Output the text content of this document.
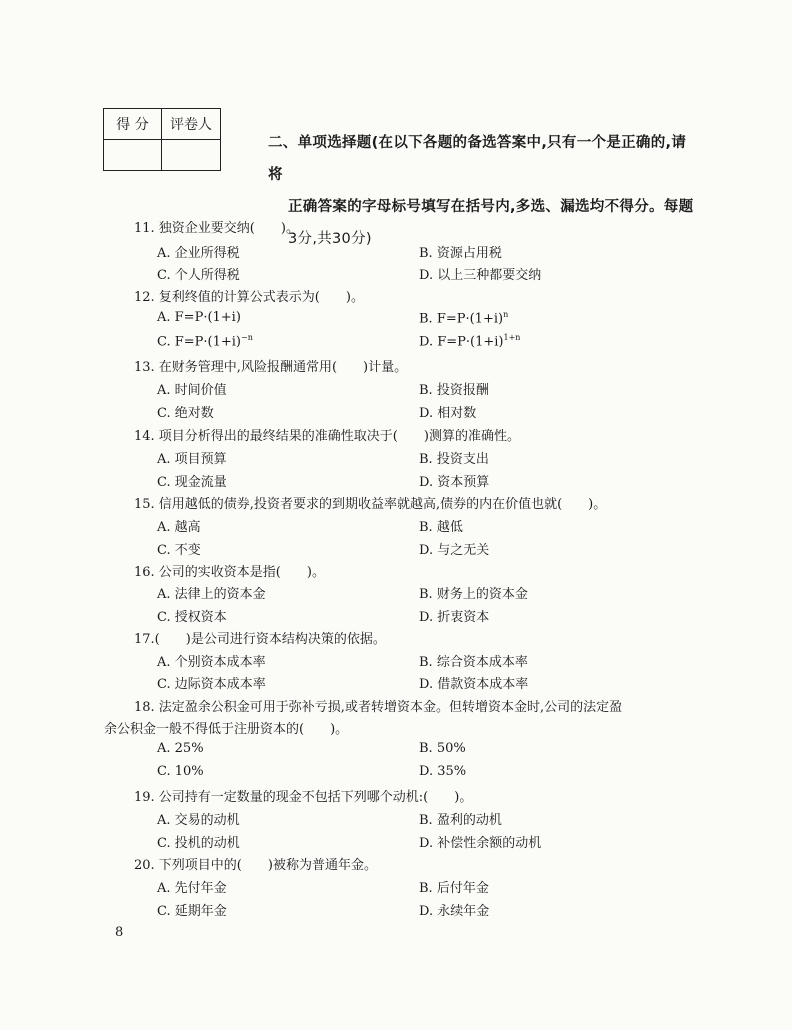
得 分	评卷人

二、单项选择题(在以下各题的备选答案中,只有一个是正确的,请将
正确答案的字母标号填写在括号内,多选、漏选均不得分。每题
3分,共30分)
11. 独资企业要交纳(　　)。
A. 企业所得税	B. 资源占用税
C. 个人所得税	D. 以上三种都要交纳
12. 复利终值的计算公式表示为(　　)。
A. F=P·(1+i)	B. $F=P\cdot(1+i)^n$
C. $F=P\cdot(1+i)^{-n}$	D. $F=P\cdot(1+i)^{1+n}$
13. 在财务管理中,风险报酬通常用(　　)计量。
A. 时间价值	B. 投资报酬
C. 绝对数	D. 相对数
14. 项目分析得出的最终结果的准确性取决于(　　)测算的准确性。
A. 项目预算	B. 投资支出
C. 现金流量	D. 资本预算
15. 信用越低的债券,投资者要求的到期收益率就越高,债券的内在价值也就(　　)。
A. 越高	B. 越低
C. 不变	D. 与之无关
16. 公司的实收资本是指(　　)。
A. 法律上的资本金	B. 财务上的资本金
C. 授权资本	D. 折衷资本
17.(　　)是公司进行资本结构决策的依据。
A. 个别资本成本率	B. 综合资本成本率
C. 边际资本成本率	D. 借款资本成本率
18. 法定盈余公积金可用于弥补亏损,或者转增资本金。但转增资本金时,公司的法定盈
余公积金一般不得低于注册资本的(　　)。
A. 25%	B. 50%
C. 10%	D. 35%
19. 公司持有一定数量的现金不包括下列哪个动机:(　　)。
A. 交易的动机	B. 盈利的动机
C. 投机的动机	D. 补偿性余额的动机
20. 下列项目中的(　　)被称为普通年金。
A. 先付年金	B. 后付年金
C. 延期年金	D. 永续年金
8
